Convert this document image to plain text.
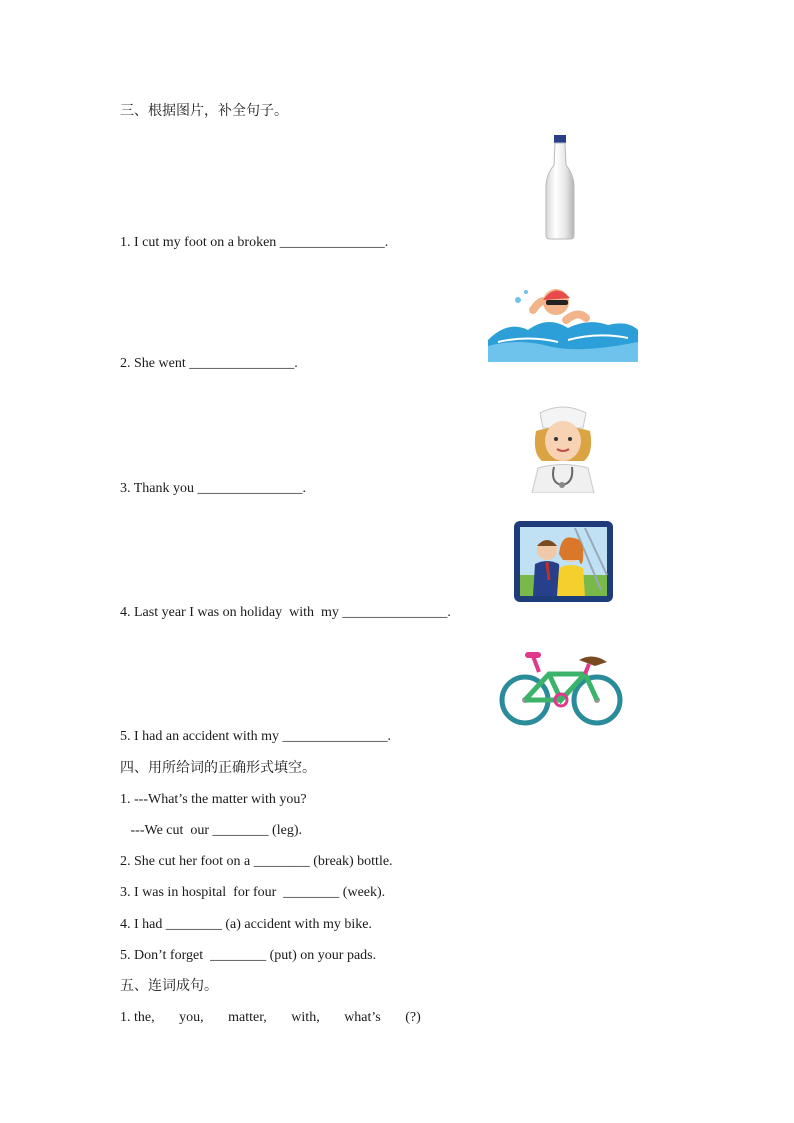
三、根据图片，补全句子。
1. I cut my foot on a broken _______________.
2. She went _______________.
3. Thank you _______________.
4. Last year I was on holiday  with  my _______________.
5. I had an accident with my _______________.
四、用所给词的正确形式填空。
1. ---What’s the matter with you?
---We cut  our ________ (leg).
2. She cut her foot on a ________ (break) bottle.
3. I was in hospital  for four  ________ (week).
4. I had ________ (a) accident with my bike.
5. Don’t forget  ________ (put) on your pads.
五、连词成句。
1. the,       you,       matter,       with,       what’s       (?)
